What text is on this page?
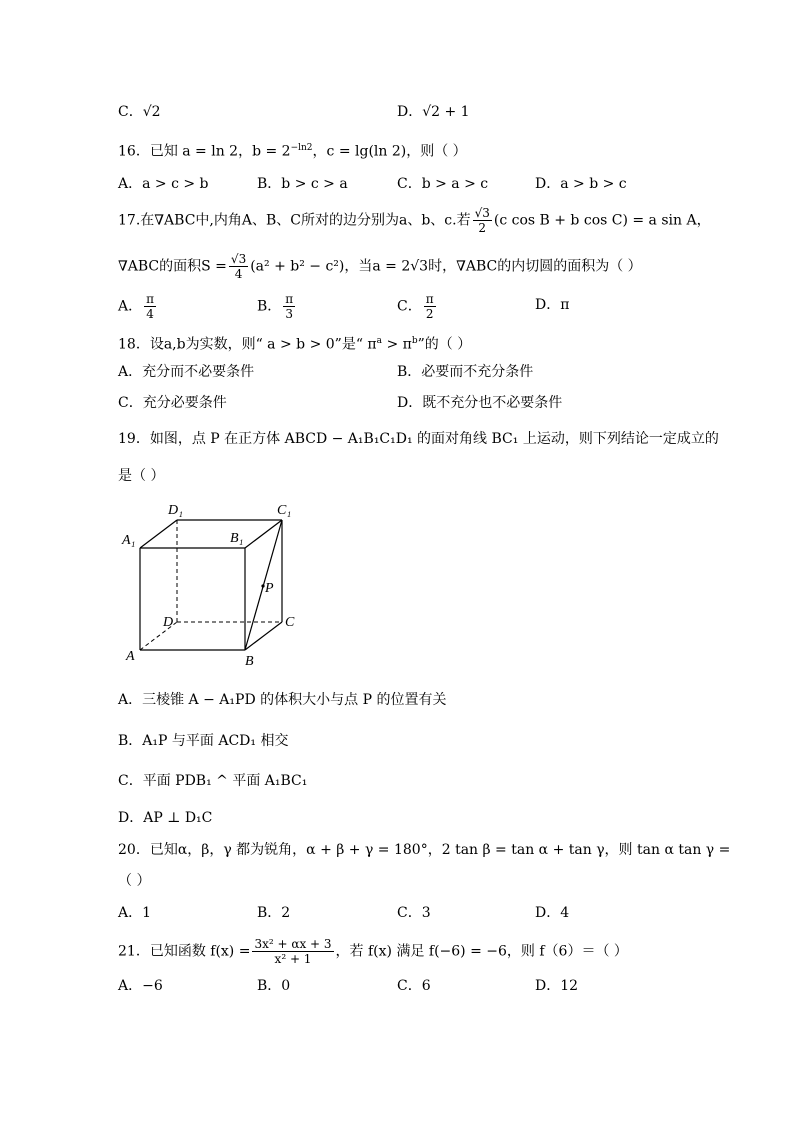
C．√2	D．√2 + 1
16．已知 a = ln 2，$b = 2^{-ln2}$，c = lg(ln 2)，则（ ）
A．a > c > b	B．b > c > a	C．b > a > c	D．a > b > c
17.在∇ABC中,内角A、B、C所对的边分别为a、b、c.若 $\frac{√3}{2} (c$ cos B + b cos C) = a sin A，
∇ABC的面积$S = \frac{√3}{4} (a^2 + b^2 - c^2)$，当a = 2√3时，∇ABC的内切圆的面积为（ ）
A． $\frac{\pi}{4}$	B． $\frac{\pi}{3}$	C． $\frac{\pi}{2}$	D．π
18．设a,b为实数，则“ a > b > 0”是“ $\pi^a > \pi^b$”的（ ）
A．充分而不必要条件	B．必要而不充分条件
C．充分必要条件	D．既不充分也不必要条件
19．如图，点 P 在正方体 ABCD − A₁B₁C₁D₁ 的面对角线 BC₁ 上运动，则下列结论一定成立的
是（ ）
D₁	C₁
A₁	B₁
P
D	C
A	B
A．三棱锥 A − A₁PD 的体积大小与点 P 的位置有关
B．A₁P 与平面 ACD₁ 相交
C．平面 PDB₁ ^ 平面 A₁BC₁
D．AP ⊥ D₁C
20．已知α，β，γ 都为锐角，α + β + γ = 180°，2 tan β = tan α + tan γ，则 tan α tan γ =
（ ）
A．1	B．2	C．3	D．4
21．已知函数 $f(x) = \frac{\text{3x² + αx + 3}}{\text{x² + 1}}$ ，若 f(x) 满足 f(−6) = −6，则 f（6）＝（ ）
A．−6	B．0	C．6	D．12
